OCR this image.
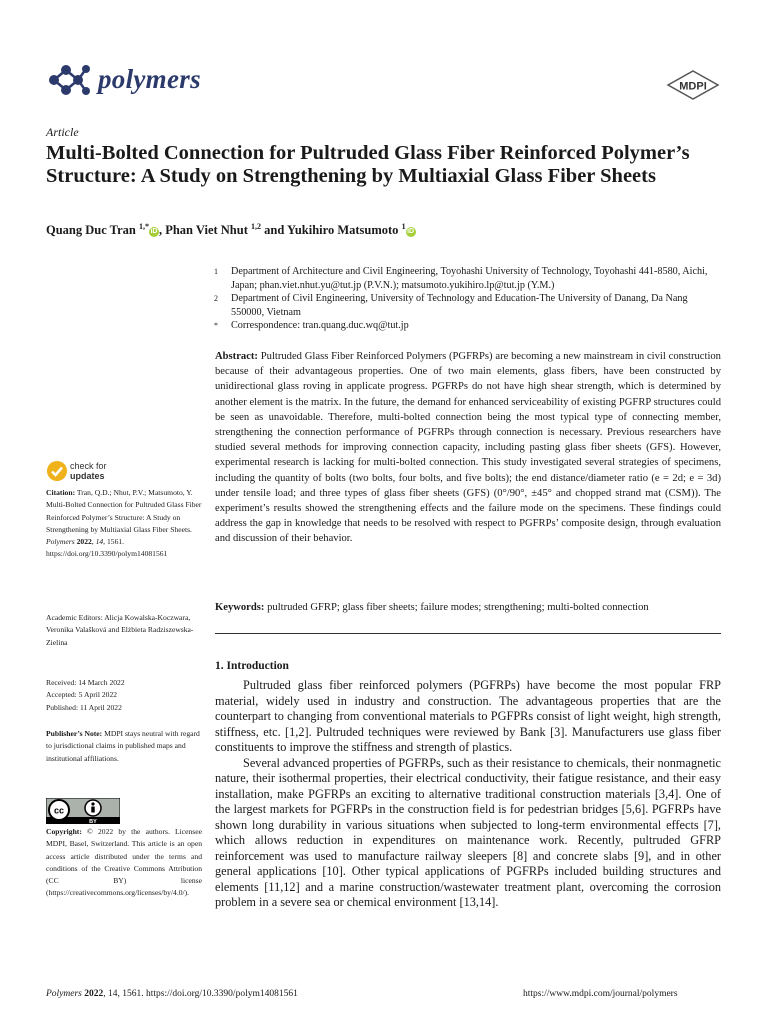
polymers	MDPI
Article
Multi-Bolted Connection for Pultruded Glass Fiber Reinforced Polymer’s Structure: A Study on Strengthening by Multiaxial Glass Fiber Sheets
Quang Duc Tran $^{1,*}$iD , Phan Viet Nhut $^{1,2}$ and Yukihiro Matsumoto $^1$iD
1 Department of Architecture and Civil Engineering, Toyohashi University of Technology, Toyohashi 441-8580, Aichi, Japan; phan.viet.nhut.yu@tut.jp (P.V.N.); matsumoto.yukihiro.lp@tut.jp (Y.M.)
2 Department of Civil Engineering, University of Technology and Education-The University of Danang, Da Nang 550000, Vietnam
* Correspondence: tran.quang.duc.wq@tut.jp
Abstract: Pultruded Glass Fiber Reinforced Polymers (PGFRPs) are becoming a new mainstream in civil construction because of their advantageous properties. One of two main elements, glass fibers, have been constructed by unidirectional glass roving in applicate progress. PGFRPs do not have high shear strength, which is determined by another element is the matrix. In the future, the demand for enhanced serviceability of existing PGFRP structures could be seen as unavoidable. Therefore, multi-bolted connection being the most typical type of connecting member, strengthening the connection performance of PGFRPs through connection is necessary. Previous researchers have studied several methods for improving connection capacity, including pasting glass fiber sheets (GFS). However, experimental research is lacking for multi-bolted connection. This study investigated several strategies of specimens, including the quantity of bolts (two bolts, four bolts, and five bolts); the end distance/diameter ratio (e = 2d; e = 3d) under tensile load; and three types of glass fiber sheets (GFS) (0°/90°, ±45° and chopped strand mat (CSM)). The experiment’s results showed the strengthening effects and the failure mode on the specimens. These findings could address the gap in knowledge that needs to be resolved with respect to PGFRPs’ composite design, through evaluation and discussion of their behavior.
Keywords: pultruded GFRP; glass fiber sheets; failure modes; strengthening; multi-bolted connection
check for
updates
Citation: Tran, Q.D.; Nhut, P.V.; Matsumoto, Y. Multi-Bolted Connection for Pultruded Glass Fiber Reinforced Polymer’s Structure: A Study on Strengthening by Multiaxial Glass Fiber Sheets. Polymers 2022, 14, 1561. https://doi.org/10.3390/polym14081561
Academic Editors: Alicja Kowalska-Koczwara, Veronika Valašková and Elżbieta Radziszewska-Zielina
Received: 14 March 2022
Accepted: 5 April 2022
Published: 11 April 2022
Publisher’s Note: MDPI stays neutral with regard to jurisdictional claims in published maps and institutional affiliations.
cc
BY
Copyright: © 2022 by the authors. Licensee MDPI, Basel, Switzerland. This article is an open access article distributed under the terms and conditions of the Creative Commons Attribution (CC BY) license (https://creativecommons.org/licenses/by/4.0/).
1. Introduction

Pultruded glass fiber reinforced polymers (PGFRPs) have become the most popular FRP material, widely used in industry and construction. The advantageous properties that are the counterpart to changing from conventional materials to PGFPRs consist of light weight, high strength, stiffness, etc. [1,2]. Pultruded techniques were reviewed by Bank [3]. Manufacturers use glass fiber constituents to improve the stiffness and strength of plastics.

Several advanced properties of PGFRPs, such as their resistance to chemicals, their nonmagnetic nature, their isothermal properties, their electrical conductivity, their fatigue resistance, and their easy installation, make PGFRPs an exciting to alternative traditional construction materials [3,4]. One of the largest markets for PGFRPs in the construction field is for pedestrian bridges [5,6]. PGFRPs have shown long durability in various situations when subjected to long-term environmental effects [7], which allows reduction in expenditures on maintenance work. Recently, pultruded GFRP reinforcement was used to manufacture railway sleepers [8] and concrete slabs [9], and in other general applications [10]. Other typical applications of PGFRPs included building structures and elements [11,12] and a marine construction/wastewater treatment plant, overcoming the corrosion problem in a severe sea or chemical environment [13,14].

Polymers 2022, 14, 1561. https://doi.org/10.3390/polym14081561	https://www.mdpi.com/journal/polymers
